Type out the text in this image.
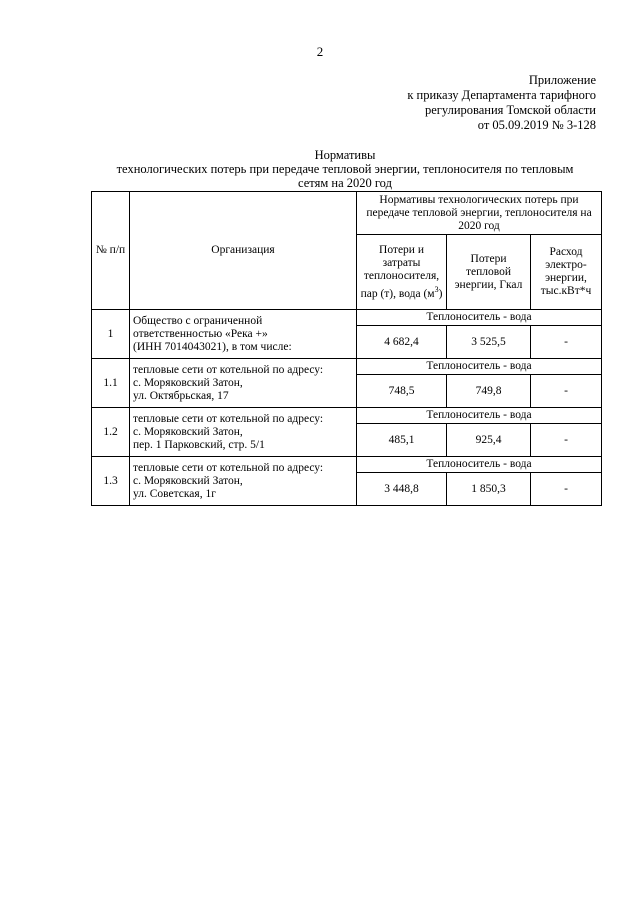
2
Приложение
к приказу Департамента тарифного
регулирования Томской области
от 05.09.2019 № 3-128
Нормативы
технологических потерь при передаче тепловой энергии, теплоносителя по тепловым
сетям на 2020 год
№ п/п	Организация	Нормативы технологических потерь при передаче тепловой энергии, теплоносителя на 2020 год		
		Потери и затраты теплоносителя, пар (т), вода $(м^3)$	Потери тепловой энергии, Гкал	Расход электро-энергии, тыс.кВт*ч
1	Общество с ограниченной
ответственностью «Река +»
(ИНН 7014043021), в том числе:	Теплоноситель - вода		
		4 682,4	3 525,5	-
1.1	тепловые сети от котельной по адресу:
с. Моряковский Затон,
ул. Октябрьская, 17	Теплоноситель - вода		
		748,5	749,8	-
1.2	тепловые сети от котельной по адресу:
с. Моряковский Затон,
пер. 1 Парковский, стр. 5/1	Теплоноситель - вода		
		485,1	925,4	-
1.3	тепловые сети от котельной по адресу:
с. Моряковский Затон,
ул. Советская, 1г	Теплоноситель - вода		
		3 448,8	1 850,3	-
